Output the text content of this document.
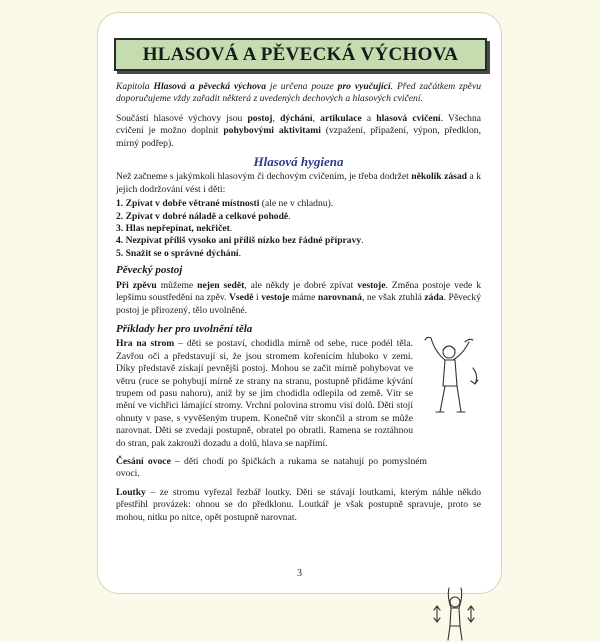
HLASOVÁ A PĚVECKÁ VÝCHOVA

Kapitola Hlasová a pěvecká výchova je určena pouze pro vyučující. Před začátkem zpěvu doporučujeme vždy zařadit některá z uvedených dechových a hlasových cvičení.

Součástí hlasové výchovy jsou postoj, dýchání, artikulace a hlasová cvičení. Všechna cvičení je možno doplnit pohybovými aktivitami (vzpažení, připažení, výpon, předklon, mírný podřep).

Hlasová hygiena

Než začneme s jakýmkoli hlasovým či dechovým cvičením, je třeba dodržet několik zásad a k jejich dodržování vést i děti:

1. Zpívat v dobře větrané místnosti (ale ne v chladnu).
2. Zpívat v dobré náladě a celkové pohodě.
3. Hlas nepřepínat, nekřičet.
4. Nezpívat příliš vysoko ani příliš nízko bez řádné přípravy.
5. Snažit se o správné dýchání.
Pěvecký postoj

Při zpěvu můžeme nejen sedět, ale někdy je dobré zpívat vestoje. Změna postoje vede k lepšímu soustředění na zpěv. Vsedě i vestoje máme narovnaná, ne však ztuhlá záda. Pěvecký postoj je přirozený, tělo uvolněné.

Příklady her pro uvolnění těla

Hra na strom – děti se postaví, chodidla mírně od sebe, ruce podél těla. Zavřou oči a představují si, že jsou stromem kořenícím hluboko v zemi. Díky představě získají pevnější postoj. Mohou se začít mírně pohybovat ve větru (ruce se pohybují mírně ze strany na stranu, postupně přidáme kývání trupem od pasu nahoru), aniž by se jim chodidla odlepila od země. Vítr se mění ve vichřici lámající stromy. Vrchní polovina stromu visí dolů. Děti stojí ohnuty v pase, s vyvěšeným trupem. Konečně vítr skončil a strom se může narovnat. Děti se zvedají postupně, obratel po obratli. Ramena se roztáhnou do stran, pak zakrouží dozadu a dolů, hlava se napřímí.

Česání ovoce – děti chodí po špičkách a rukama se natahují po pomyslném ovoci.

Loutky – ze stromu vyřezal řezbář loutky. Děti se stávají loutkami, kterým náhle někdo přestřihl provázek: ohnou se do předklonu. Loutkář je však postupně spravuje, proto se mohou, nitku po nitce, opět postupně narovnat.

3
